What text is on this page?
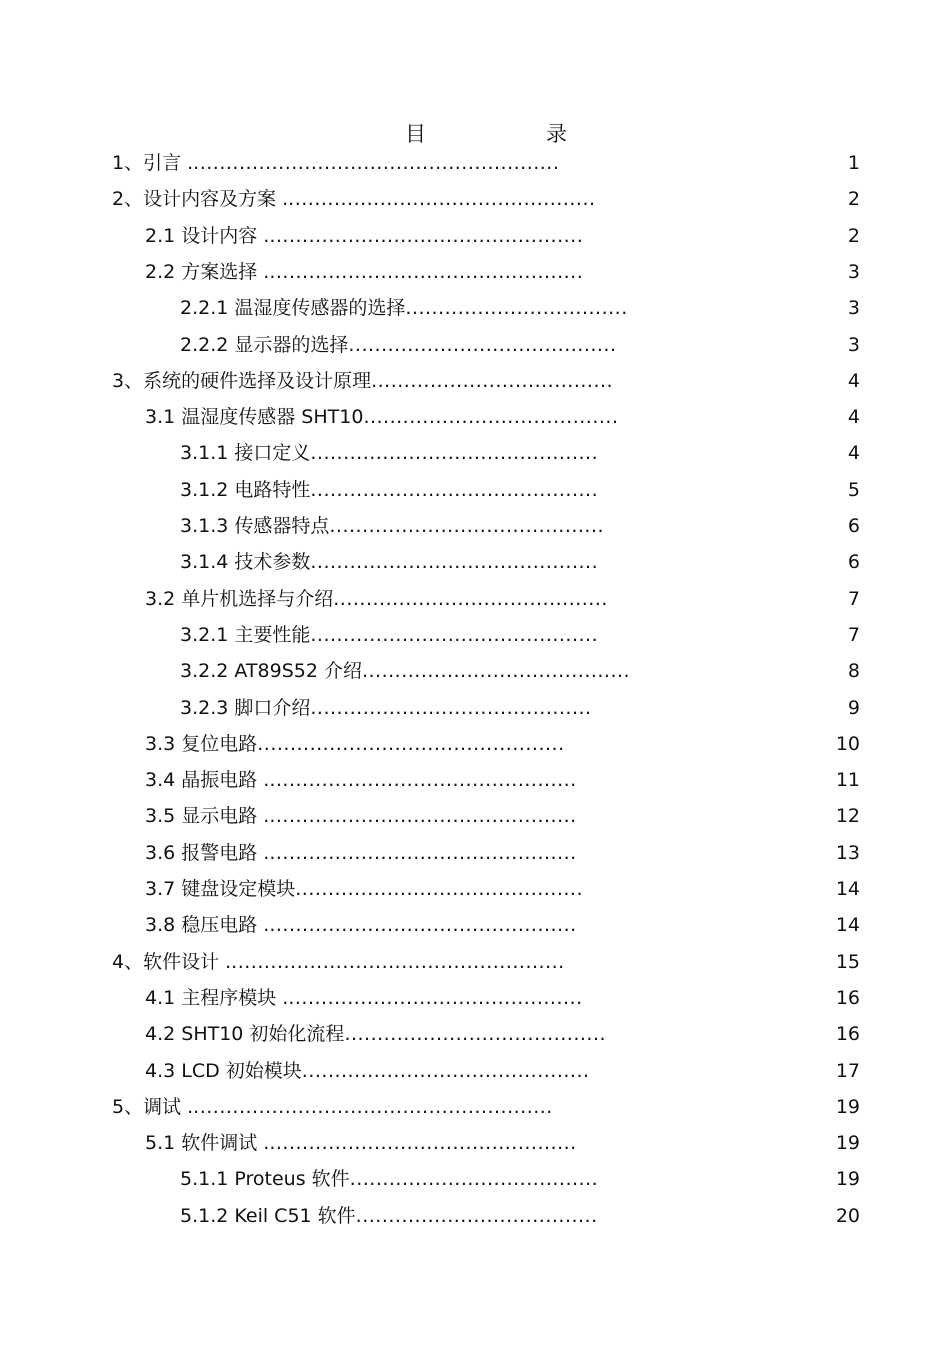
目	录
1、引言 .........................................................	1
2、设计内容及方案 ................................................	2
2.1 设计内容 .................................................	2
2.2 方案选择 .................................................	3
2.2.1 温湿度传感器的选择..................................	3
2.2.2 显示器的选择.........................................	3
3、系统的硬件选择及设计原理.....................................	4
3.1 温湿度传感器 SHT10.......................................	4
3.1.1 接口定义............................................	4
3.1.2 电路特性............................................	5
3.1.3 传感器特点..........................................	6
3.1.4 技术参数............................................	6
3.2 单片机选择与介绍..........................................	7
3.2.1 主要性能............................................	7
3.2.2 AT89S52 介绍.........................................	8
3.2.3 脚口介绍...........................................	9
3.3 复位电路...............................................	10
3.4 晶振电路 ................................................	11
3.5 显示电路 ................................................	12
3.6 报警电路 ................................................	13
3.7 键盘设定模块............................................	14
3.8 稳压电路 ................................................	14
4、软件设计 ....................................................	15
4.1 主程序模块 ..............................................	16
4.2 SHT10 初始化流程........................................	16
4.3 LCD 初始模块............................................	17
5、调试 ........................................................	19
5.1 软件调试 ................................................	19
5.1.1 Proteus 软件......................................	19
5.1.2 Keil C51 软件.....................................	20
